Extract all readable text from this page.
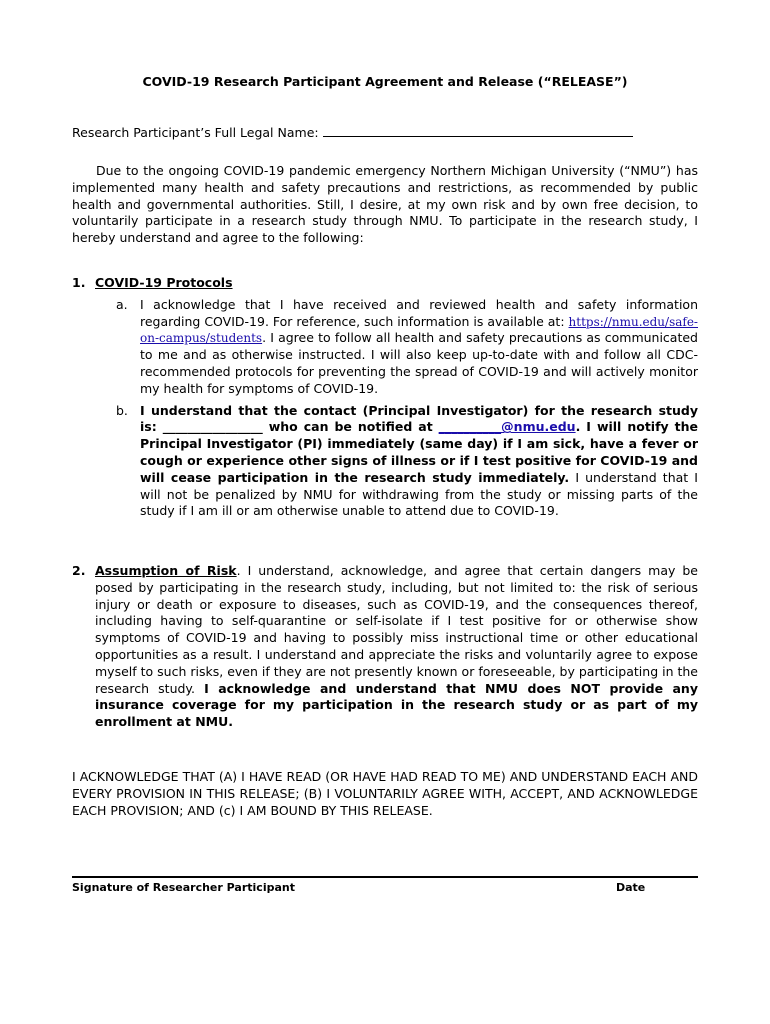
COVID-19 Research Participant Agreement and Release (“RELEASE”)
Research Participant’s Full Legal Name:

Due to the ongoing COVID-19 pandemic emergency Northern Michigan University (“NMU”) has implemented many health and safety precautions and restrictions, as recommended by public health and governmental authorities. Still, I desire, at my own risk and by own free decision, to voluntarily participate in a research study through NMU. To participate in the research study, I hereby understand and agree to the following:

1. COVID-19 Protocols
a. I acknowledge that I have received and reviewed health and safety information regarding COVID-19. For reference, such information is available at: https://nmu.edu/safe-on-campus/students. I agree to follow all health and safety precautions as communicated to me and as otherwise instructed. I will also keep up-to-date with and follow all CDC-recommended protocols for preventing the spread of COVID-19 and will actively monitor my health for symptoms of COVID-19.
b. I understand that the contact (Principal Investigator) for the research study is: ________________ who can be notified at __________@nmu.edu. I will notify the Principal Investigator (PI) immediately (same day) if I am sick, have a fever or cough or experience other signs of illness or if I test positive for COVID-19 and will cease participation in the research study immediately. I understand that I will not be penalized by NMU for withdrawing from the study or missing parts of the study if I am ill or am otherwise unable to attend due to COVID-19.
2. Assumption of Risk. I understand, acknowledge, and agree that certain dangers may be posed by participating in the research study, including, but not limited to: the risk of serious injury or death or exposure to diseases, such as COVID-19, and the consequences thereof, including having to self-quarantine or self-isolate if I test positive for or otherwise show symptoms of COVID-19 and having to possibly miss instructional time or other educational opportunities as a result. I understand and appreciate the risks and voluntarily agree to expose myself to such risks, even if they are not presently known or foreseeable, by participating in the research study. I acknowledge and understand that NMU does NOT provide any insurance coverage for my participation in the research study or as part of my enrollment at NMU.
I ACKNOWLEDGE THAT (A) I HAVE READ (OR HAVE HAD READ TO ME) AND UNDERSTAND EACH AND EVERY PROVISION IN THIS RELEASE; (B) I VOLUNTARILY AGREE WITH, ACCEPT, AND ACKNOWLEDGE EACH PROVISION; AND (c) I AM BOUND BY THIS RELEASE.
Signature of Researcher Participant	Date
